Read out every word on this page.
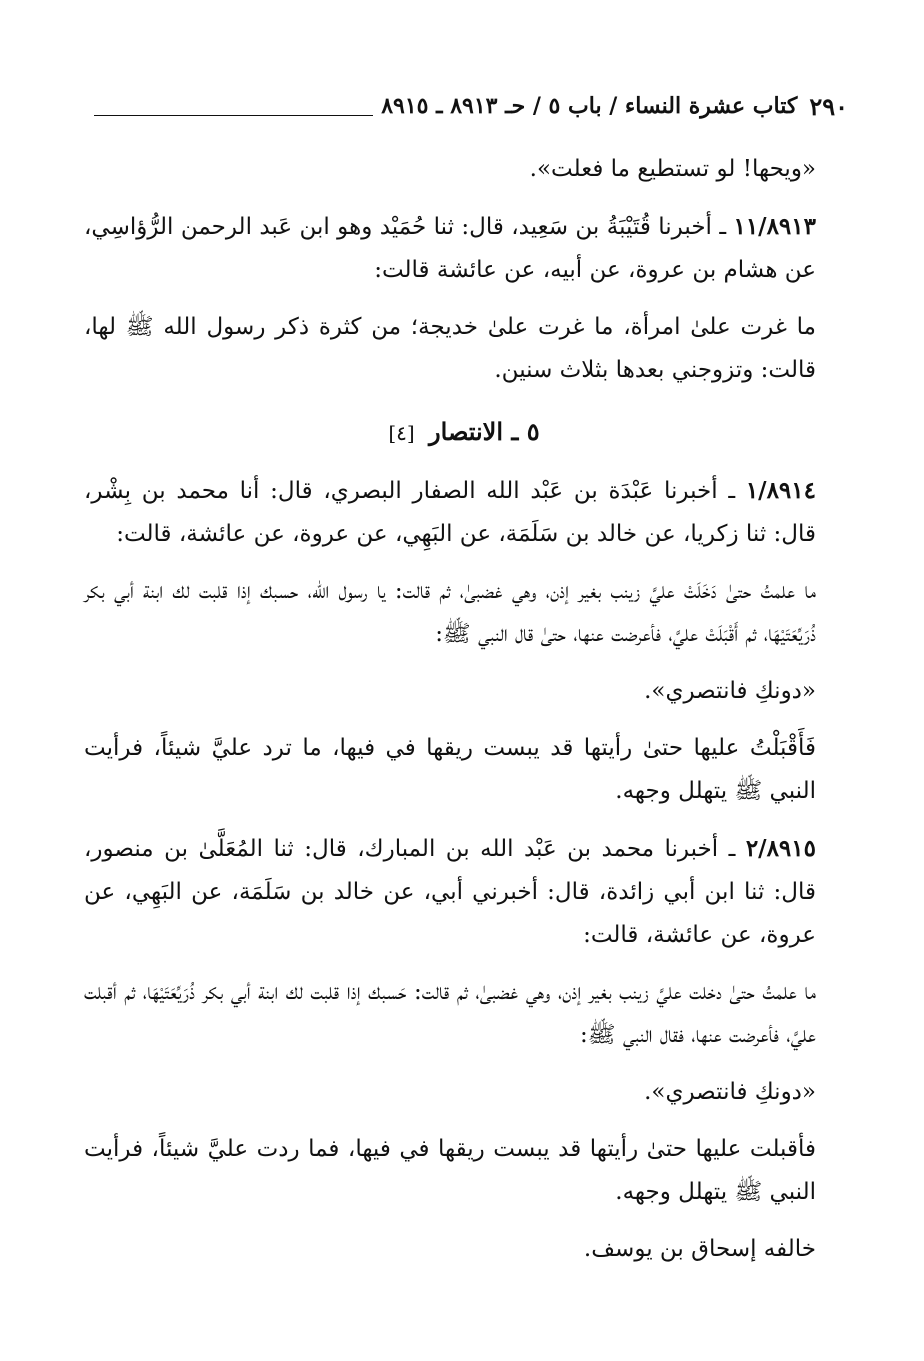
٢٩٠
كتاب عشرة النساء / باب ٥ / حـ ٨٩١٣ ـ ٨٩١٥

«ويحها! لو تستطيع ما فعلت».

١١/٨٩١٣ ـ أخبرنا قُتَيْبَةُ بن سَعِيد، قال: ثنا حُمَيْد وهو ابن عَبد الرحمن الرُّؤاسِي، عن هشام بن عروة، عن أبيه، عن عائشة قالت:

ما غرت علىٰ امرأة، ما غرت علىٰ خديجة؛ من كثرة ذكر رسول الله ﷺ لها، قالت: وتزوجني بعدها بثلاث سنين.

٥ ـ الانتصار [٤]

١/٨٩١٤ ـ أخبرنا عَبْدَة بن عَبْد الله الصفار البصري، قال: أنا محمد بن بِشْر، قال: ثنا زكريا، عن خالد بن سَلَمَة، عن البَهِي، عن عروة، عن عائشة، قالت:

ما علمتُ حتىٰ دَخَلَتْ عليَّ زينب بغير إذن، وهي غضبىٰ، ثم قالت: يا رسول الله، حسبك إذا قلبت لك ابنة أبي بكر ذُرَيِّعَتَيْهَا، ثم أَقْبَلَتْ عليَّ، فأعرضت عنها، حتىٰ قال النبي ﷺ:

«دونكِ فانتصري».

فَأَقْبَلْتُ عليها حتىٰ رأيتها قد يبست ريقها في فيها، ما ترد عليَّ شيئاً، فرأيت النبي ﷺ يتهلل وجهه.

٢/٨٩١٥ ـ أخبرنا محمد بن عَبْد الله بن المبارك، قال: ثنا المُعَلَّىٰ بن منصور، قال: ثنا ابن أبي زائدة، قال: أخبرني أبي، عن خالد بن سَلَمَة، عن البَهِي، عن عروة، عن عائشة، قالت:

ما علمتُ حتىٰ دخلت عليَّ زينب بغير إذن، وهي غضبىٰ، ثم قالت: حَسبك إذا قلبت لك ابنة أبي بكر ذُرَيِّعَتَيْهَا، ثم أقبلت عليَّ، فأعرضت عنها، فقال النبي ﷺ:

«دونكِ فانتصري».

فأقبلت عليها حتىٰ رأيتها قد يبست ريقها في فيها، فما ردت عليَّ شيئاً، فرأيت النبي ﷺ يتهلل وجهه.

خالفه إسحاق بن يوسف.
